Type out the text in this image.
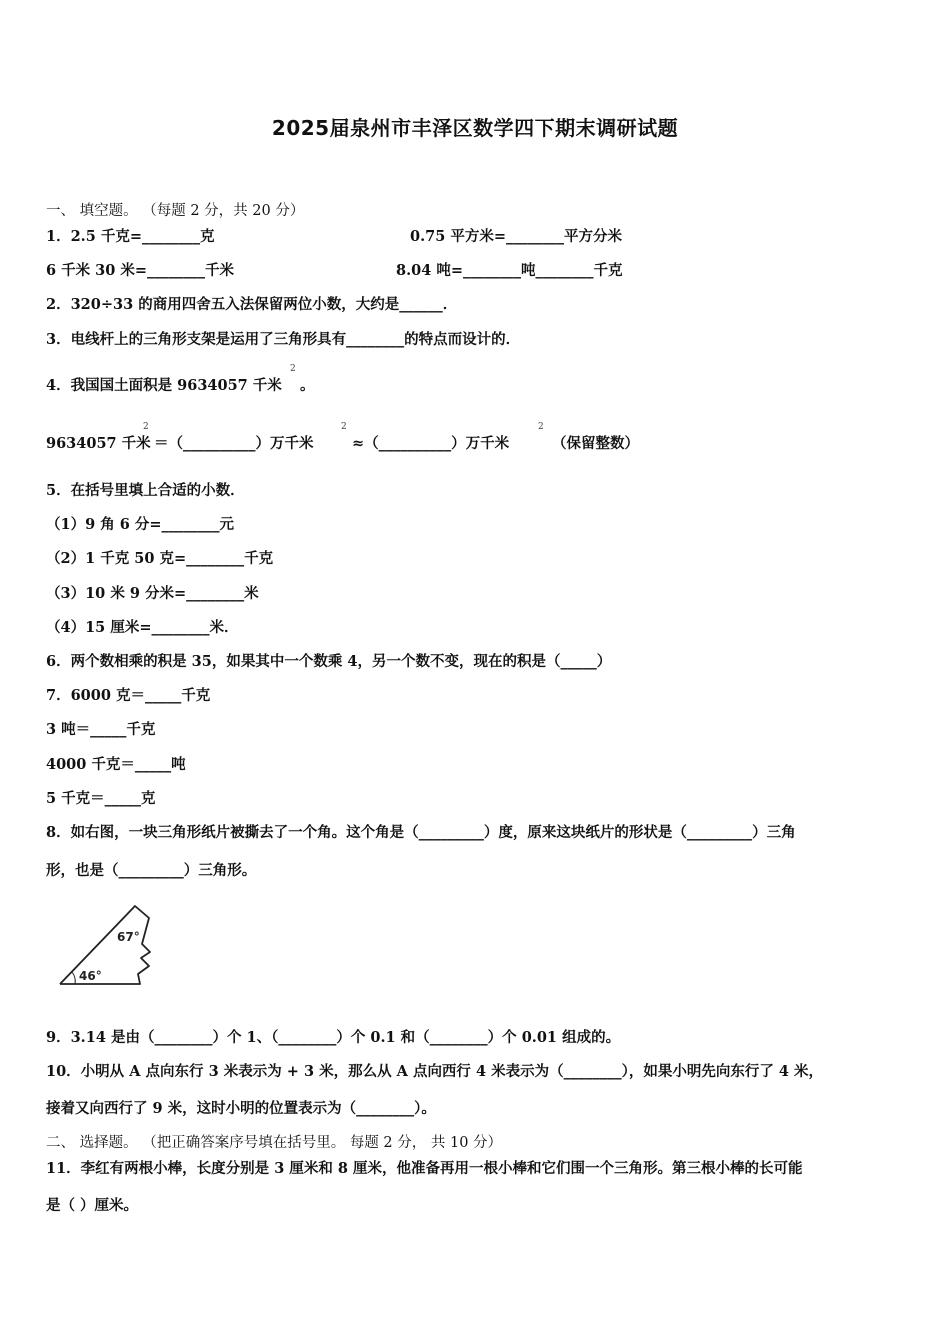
2025届泉州市丰泽区数学四下期末调研试题
一、 填空题。 （每题 2 分，共 20 分）
1．2.5 千克=________克	0.75 平方米=________平方分米
6 千米 30 米=________千米	8.04 吨=________吨________千克
2．320÷33 的商用四舍五入法保留两位小数，大约是______．
3．电线杆上的三角形支架是运用了三角形具有________的特点而设计的．
4．我国国土面积是 9634057 千米
2
。
9634057 千米
2
＝（__________）万千米
2
≈（__________）万千米
2
（保留整数）
5．在括号里填上合适的小数．
（1）9 角 6 分=________元
（2）1 千克 50 克=________千克
（3）10 米 9 分米=________米
（4）15 厘米=________米．
6．两个数相乘的积是 35，如果其中一个数乘 4，另一个数不变，现在的积是（_____）
7．6000 克＝_____千克
3 吨＝_____千克
4000 千克＝_____吨
5 千克＝_____克
8．如右图，一块三角形纸片被撕去了一个角。这个角是（_________）度，原来这块纸片的形状是（_________）三角
形，也是（_________）三角形。
67°
46°
9．3.14 是由（________）个 1、（________）个 0.1 和（________）个 0.01 组成的。
10．小明从 A 点向东行 3 米表示为 + 3 米，那么从 A 点向西行 4 米表示为（________），如果小明先向东行了 4 米，
接着又向西行了 9 米，这时小明的位置表示为（________）。
二、 选择题。 （把正确答案序号填在括号里。 每题 2 分， 共 10 分）
11．李红有两根小棒，长度分别是 3 厘米和 8 厘米，他准备再用一根小棒和它们围一个三角形。第三根小棒的长可能
是（ ）厘米。
